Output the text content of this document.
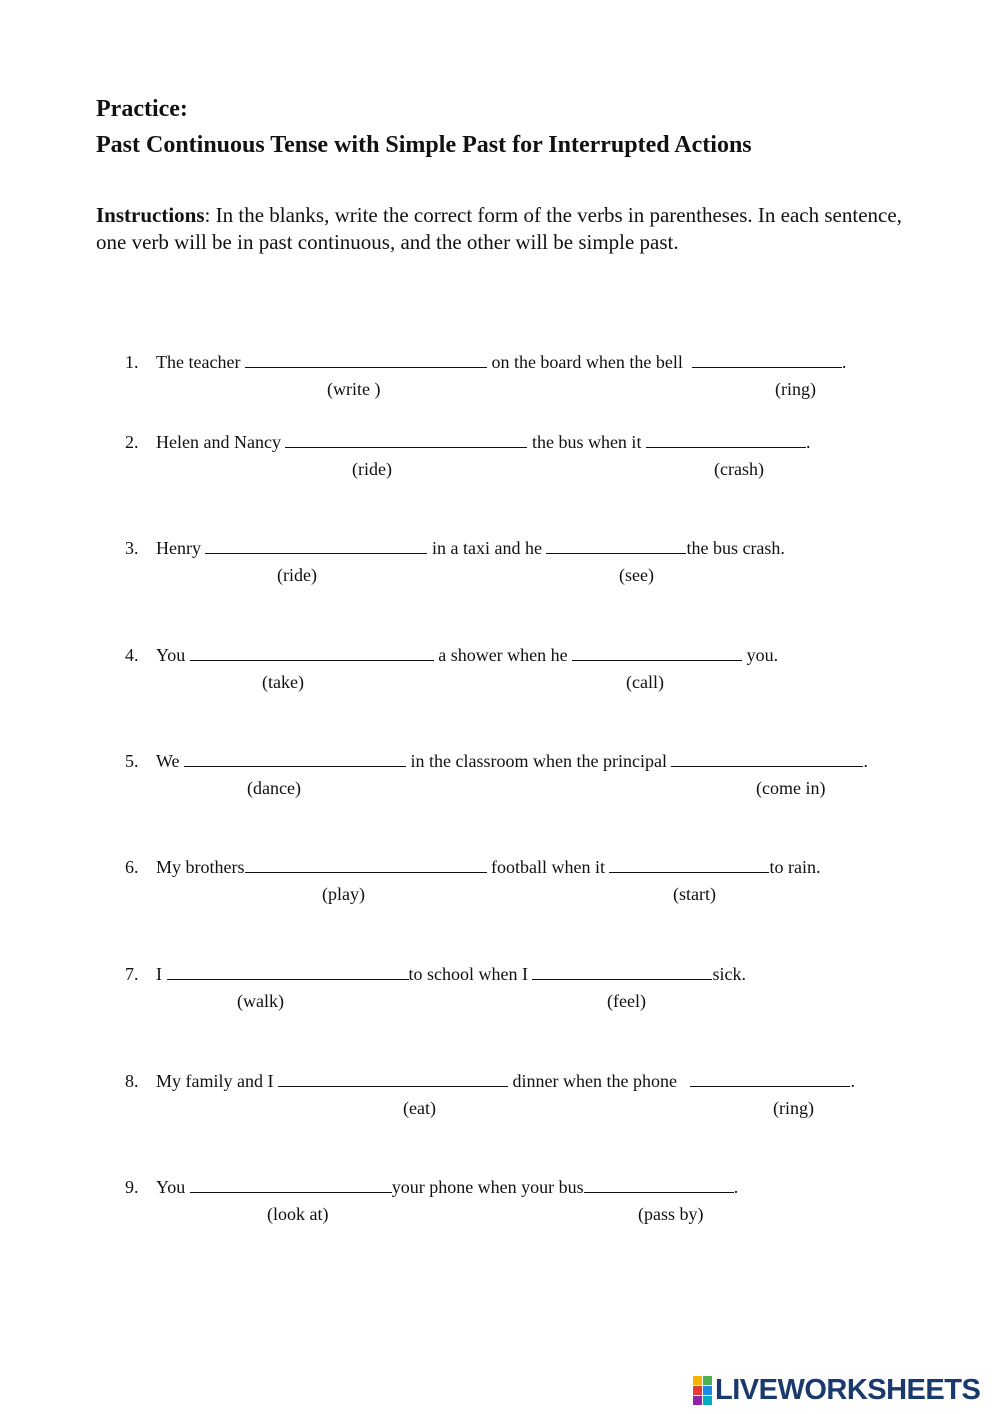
Practice:
Past Continuous Tense with Simple Past for Interrupted Actions
Instructions: In the blanks, write the correct form of the verbs in parentheses. In each sentence, one verb will be in past continuous, and the other will be simple past.
1. The teacher	on the board when the bell	.
(write )	(ring)
2. Helen and Nancy	the bus when it	.
(ride)	(crash)
3. Henry	in a taxi and he	the bus crash.
(ride)	(see)
4. You	a shower when he	you.
(take)	(call)
5. We	in the classroom when the principal	.
(dance)	(come in)
6. My brothers	football when it	to rain.
(play)	(start)
7. I	to school when I	sick.
(walk)	(feel)
8. My family and I	dinner when the phone	.
(eat)	(ring)
9. You	your phone when your bus	.
(look at)	(pass by)
LIVEWORKSHEETS
